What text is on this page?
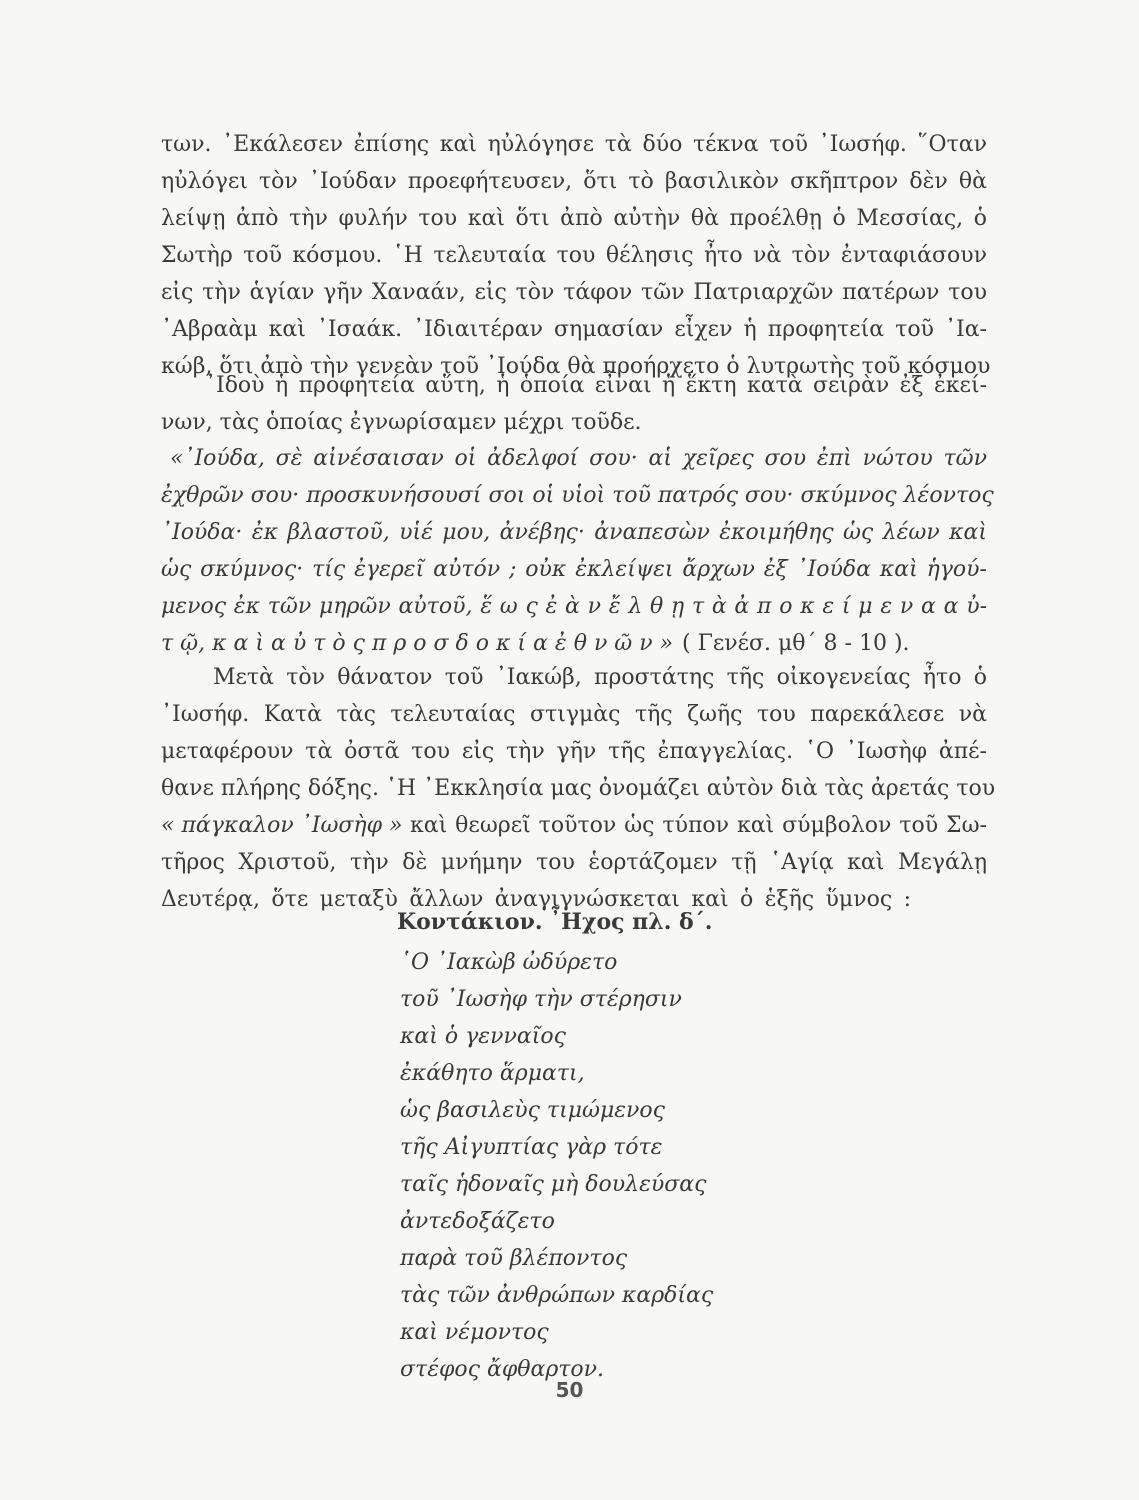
των. ᾿Εκάλεσεν ἐπίσης καὶ ηὐλόγησε τὰ δύο τέκνα τοῦ ᾿Ιωσήφ. ῞Οταν
ηὐλόγει τὸν ᾿Ιούδαν προεφήτευσεν, ὅτι τὸ βασιλικὸν σκῆπτρον δὲν θὰ
λείψῃ ἀπὸ τὴν φυλήν του καὶ ὅτι ἀπὸ αὐτὴν θὰ προέλθῃ ὁ Μεσσίας, ὁ
Σωτὴρ τοῦ κόσμου. ῾Η τελευταία του θέλησις ἦτο νὰ τὸν ἐνταφιάσουν
εἰς τὴν ἁγίαν γῆν Χαναάν, εἰς τὸν τάφον τῶν Πατριαρχῶν πατέρων του
᾿Αβραὰμ καὶ ᾿Ισαάκ. ᾿Ιδιαιτέραν σημασίαν εἶχεν ἡ προφητεία τοῦ ᾿Ια-
κώβ, ὅτι ἀπὸ τὴν γενεὰν τοῦ ᾿Ιούδα θὰ προήρχετο ὁ λυτρωτὴς τοῦ κόσμου
᾿Ιδοὺ ἡ προφητεία αὕτη, ἡ ὁποία εἶναι ἡ ἕκτη κατὰ σειρὰν ἐξ ἐκεί-
νων, τὰς ὁποίας ἐγνωρίσαμεν μέχρι τοῦδε.
«᾿Ιούδα, σὲ αἰνέσαισαν οἱ ἀδελφοί σου· αἱ χεῖρες σου ἐπὶ νώτου τῶν
ἐχθρῶν σου· προσκυνήσουσί σοι οἱ υἱοὶ τοῦ πατρός σου· σκύμνος λέοντος
᾿Ιούδα· ἐκ βλαστοῦ, υἱέ μου, ἀνέβης· ἀναπεσὼν ἐκοιμήθης ὡς λέων καὶ
ὡς σκύμνος· τίς ἐγερεῖ αὐτόν ; οὐκ ἐκλείψει ἄρχων ἐξ ᾿Ιούδα καὶ ἡγού-
μενος ἐκ τῶν μηρῶν αὐτοῦ, ἕ ω ς ἐ ὰ ν ἔ λ θ ῃ τ ὰ ἀ π ο κ ε ί μ ε ν α α ὐ-
τ ῷ, κ α ὶ α ὐ τ ὸ ς π ρ ο σ δ ο κ ί α ἐ θ ν ῶ ν » ( Γενέσ. μθ΄ 8 - 10 ).
Μετὰ τὸν θάνατον τοῦ ᾿Ιακώβ, προστάτης τῆς οἰκογενείας ἦτο ὁ
᾿Ιωσήφ. Κατὰ τὰς τελευταίας στιγμὰς τῆς ζωῆς του παρεκάλεσε νὰ
μεταφέρουν τὰ ὀστᾶ του εἰς τὴν γῆν τῆς ἐπαγγελίας. ῾Ο ᾿Ιωσὴφ ἀπέ-
θανε πλήρης δόξης. ῾Η ᾿Εκκλησία μας ὀνομάζει αὐτὸν διὰ τὰς ἀρετάς του
« πάγκαλον ᾿Ιωσὴφ » καὶ θεωρεῖ τοῦτον ὡς τύπον καὶ σύμβολον τοῦ Σω-
τῆρος Χριστοῦ, τὴν δὲ μνήμην του ἑορτάζομεν τῇ ῾Αγίᾳ καὶ Μεγάλῃ
Δευτέρᾳ, ὅτε μεταξὺ ἄλλων ἀναγιγνώσκεται καὶ ὁ ἑξῆς ὕμνος :
Κοντάκιον. ῏Ηχος πλ. δ΄.
῾Ο ᾿Ιακὼβ ὠδύρετο
τοῦ ᾿Ιωσὴφ τὴν στέρησιν
καὶ ὁ γενναῖος
ἐκάθητο ἅρματι,
ὡς βασιλεὺς τιμώμενος
τῆς Αἰγυπτίας γὰρ τότε
ταῖς ἡδοναῖς μὴ δουλεύσας
ἀντεδοξάζετο
παρὰ τοῦ βλέποντος
τὰς τῶν ἀνθρώπων καρδίας
καὶ νέμοντος
στέφος ἄφθαρτον.
50
